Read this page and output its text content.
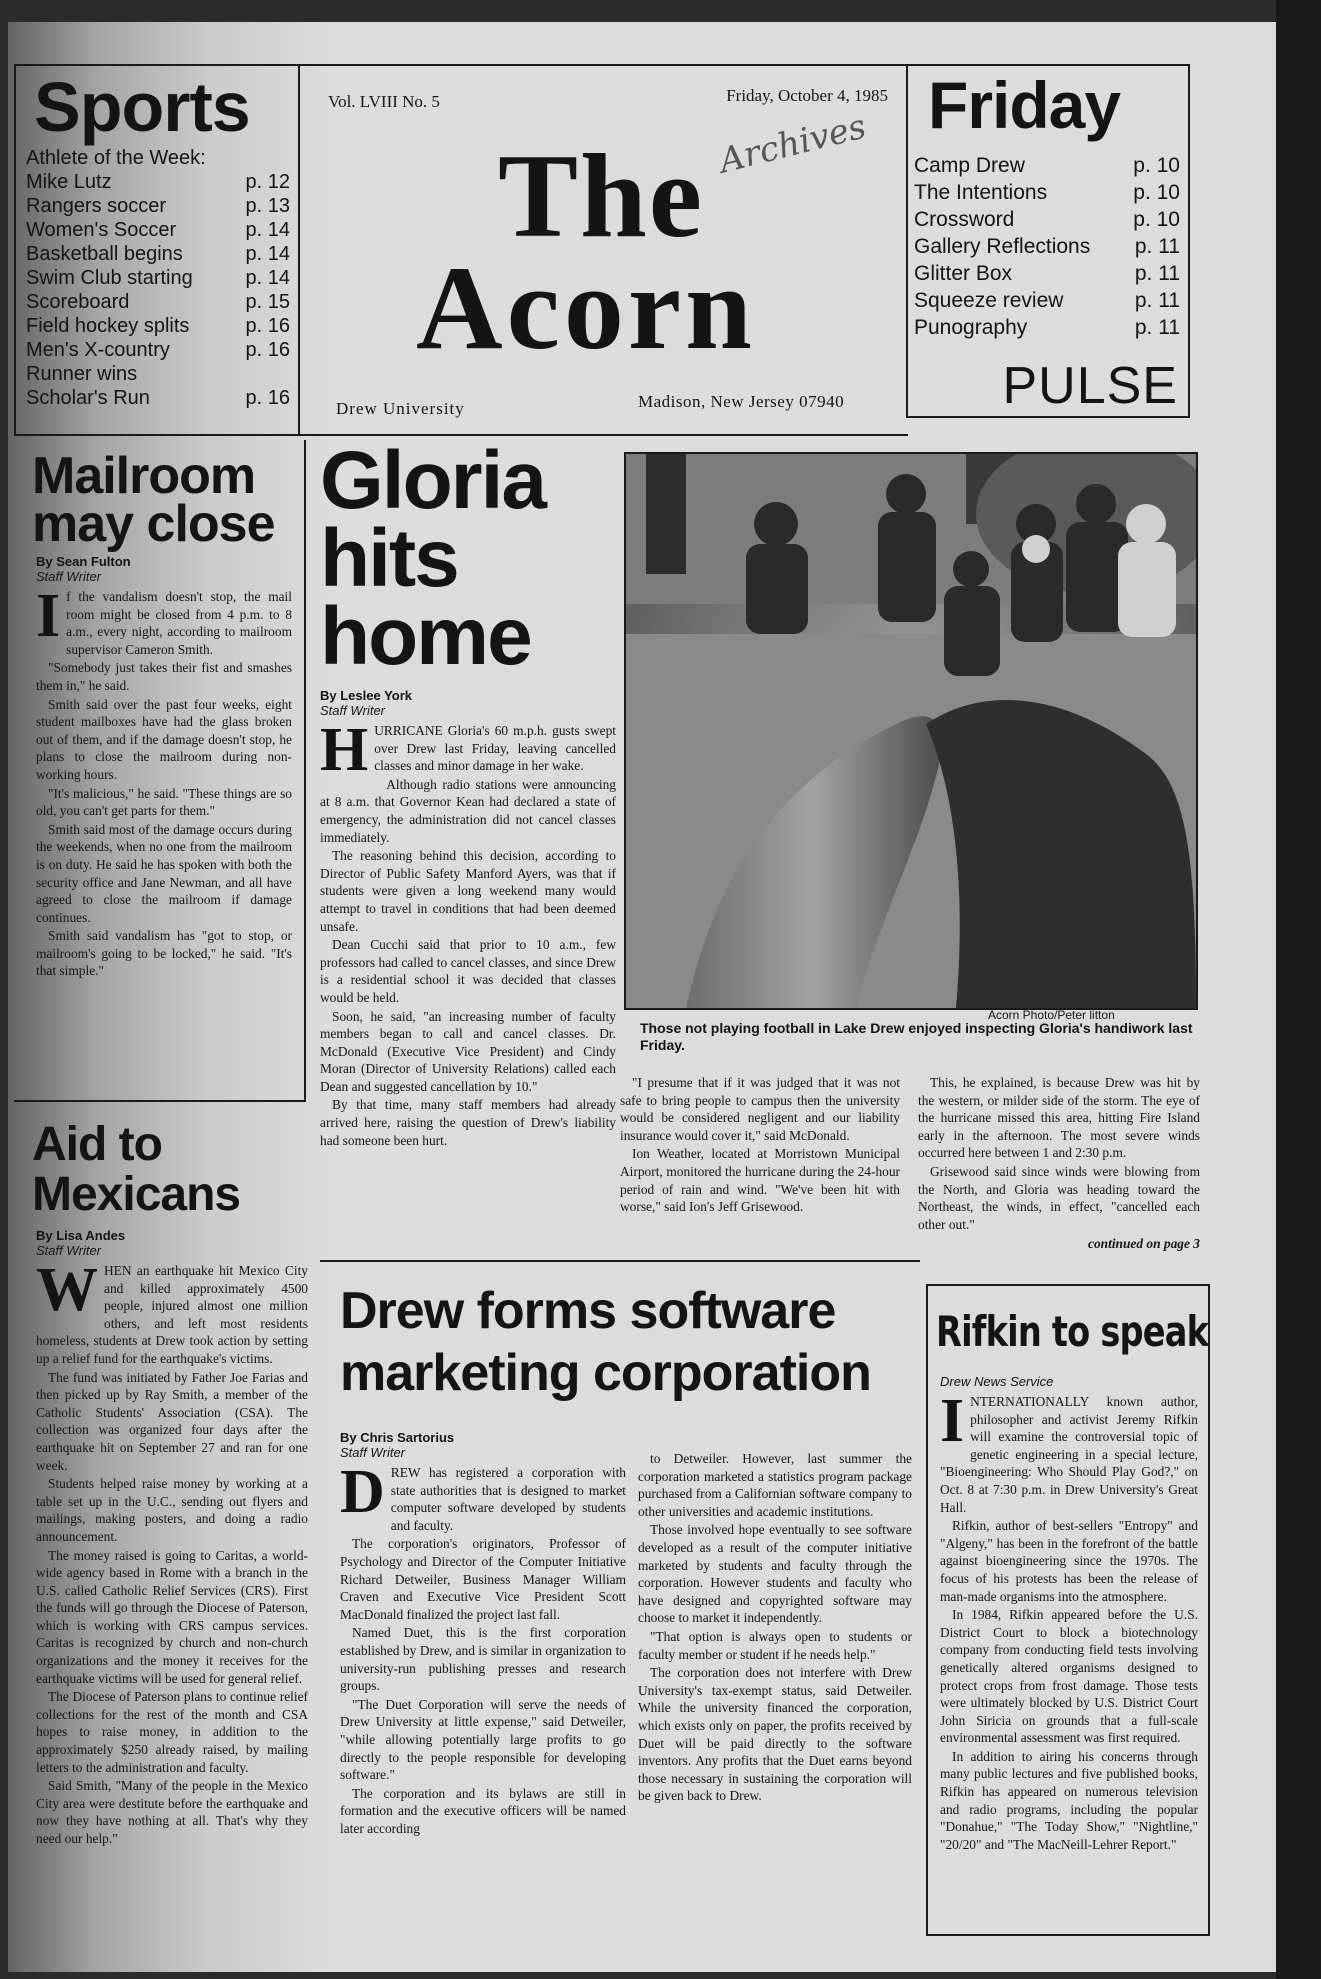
Sports
Athlete of the Week:
Mike Lutz	p. 12
Rangers soccer	p. 13
Women's Soccer	p. 14
Basketball begins	p. 14
Swim Club starting	p. 14
Scoreboard	p. 15
Field hockey splits	p. 16
Men's X-country	p. 16
Runner wins
Scholar's Run	p. 16
Vol. LVIII No. 5	Friday, October 4, 1985
Archives
The
Acorn
Drew University	Madison, New Jersey 07940
Friday
Camp Drew	p. 10
The Intentions	p. 10
Crossword	p. 10
Gallery Reflections p. 11
Glitter Box	p. 11
Squeeze review	p. 11
Punography	p. 11
PULSE
Mailroom may close
By Sean Fulton
Staff Writer
I f the vandalism doesn't stop, the mail room might be closed from 4 p.m. to 8 a.m., every night, according to mailroom supervisor Cameron Smith.

"Somebody just takes their fist and smashes them in," he said.

Smith said over the past four weeks, eight student mailboxes have had the glass broken out of them, and if the damage doesn't stop, he plans to close the mailroom during non-working hours.

"It's malicious," he said. "These things are so old, you can't get parts for them."

Smith said most of the damage occurs during the weekends, when no one from the mailroom is on duty. He said he has spoken with both the security office and Jane Newman, and all have agreed to close the mailroom if damage continues.

Smith said vandalism has "got to stop, or mailroom's going to be locked," he said. "It's that simple."

Aid to Mexicans
By Lisa Andes
Staff Writer
W HEN an earthquake hit Mexico City and killed approximately 4500 people, injured almost one million others, and left most residents homeless, students at Drew took action by setting up a relief fund for the earthquake's victims.

The fund was initiated by Father Joe Farias and then picked up by Ray Smith, a member of the Catholic Students' Association (CSA). The collection was organized four days after the earthquake hit on September 27 and ran for one week.

Students helped raise money by working at a table set up in the U.C., sending out flyers and mailings, making posters, and doing a radio announcement.

The money raised is going to Caritas, a world-wide agency based in Rome with a branch in the U.S. called Catholic Relief Services (CRS). First the funds will go through the Diocese of Paterson, which is working with CRS campus services. Caritas is recognized by church and non-church organizations and the money it receives for the earthquake victims will be used for general relief.

The Diocese of Paterson plans to continue relief collections for the rest of the month and CSA hopes to raise money, in addition to the approximately $250 already raised, by mailing letters to the administration and faculty.

Said Smith, "Many of the people in the Mexico City area were destitute before the earthquake and now they have nothing at all. That's why they need our help."

Gloria
hits
home
By Leslee York
Staff Writer
H URRICANE Gloria's 60 m.p.h. gusts swept over Drew last Friday, leaving cancelled classes and minor damage in her wake.

Although radio stations were announcing at 8 a.m. that Governor Kean had declared a state of emergency, the administration did not cancel classes immediately.

The reasoning behind this decision, according to Director of Public Safety Manford Ayers, was that if students were given a long weekend many would attempt to travel in conditions that had been deemed unsafe.

Dean Cucchi said that prior to 10 a.m., few professors had called to cancel classes, and since Drew is a residential school it was decided that classes would be held.

Soon, he said, "an increasing number of faculty members began to call and cancel classes. Dr. McDonald (Executive Vice President) and Cindy Moran (Director of University Relations) called each Dean and suggested cancellation by 10."

By that time, many staff members had already arrived here, raising the question of Drew's liability had someone been hurt.

Acorn Photo/Peter litton
Those not playing football in Lake Drew enjoyed inspecting Gloria's handiwork last Friday.

"I presume that if it was judged that it was not safe to bring people to campus then the university would be considered negligent and our liability insurance would cover it," said McDonald.

Ion Weather, located at Morristown Municipal Airport, monitored the hurricane during the 24-hour period of rain and wind. "We've been hit with worse," said Ion's Jeff Grisewood.

This, he explained, is because Drew was hit by the western, or milder side of the storm. The eye of the hurricane missed this area, hitting Fire Island early in the afternoon. The most severe winds occurred here between 1 and 2:30 p.m.

Grisewood said since winds were blowing from the North, and Gloria was heading toward the Northeast, the winds, in effect, "cancelled each other out."

continued on page 3
Drew forms software
marketing corporation
By Chris Sartorius
Staff Writer
D REW has registered a corporation with state authorities that is designed to market computer software developed by students and faculty.

The corporation's originators, Professor of Psychology and Director of the Computer Initiative Richard Detweiler, Business Manager William Craven and Executive Vice President Scott MacDonald finalized the project last fall.

Named Duet, this is the first corporation established by Drew, and is similar in organization to university-run publishing presses and research groups.

"The Duet Corporation will serve the needs of Drew University at little expense," said Detweiler, "while allowing potentially large profits to go directly to the people responsible for developing software."

The corporation and its bylaws are still in formation and the executive officers will be named later according

to Detweiler. However, last summer the corporation marketed a statistics program package purchased from a Californian software company to other universities and academic institutions.

Those involved hope eventually to see software developed as a result of the computer initiative marketed by students and faculty through the corporation. However students and faculty who have designed and copyrighted software may choose to market it independently.

"That option is always open to students or faculty member or student if he needs help."

The corporation does not interfere with Drew University's tax-exempt status, said Detweiler. While the university financed the corporation, which exists only on paper, the profits received by Duet will be paid directly to the software inventors. Any profits that the Duet earns beyond those necessary in sustaining the corporation will be given back to Drew.

Rifkin to speak
Drew News Service
I NTERNATIONALLY known author, philosopher and activist Jeremy Rifkin will examine the controversial topic of genetic engineering in a special lecture, "Bioengineering: Who Should Play God?," on Oct. 8 at 7:30 p.m. in Drew University's Great Hall.

Rifkin, author of best-sellers "Entropy" and "Algeny," has been in the forefront of the battle against bioengineering since the 1970s. The focus of his protests has been the release of man-made organisms into the atmosphere.

In 1984, Rifkin appeared before the U.S. District Court to block a biotechnology company from conducting field tests involving genetically altered organisms designed to protect crops from frost damage. Those tests were ultimately blocked by U.S. District Court John Siricia on grounds that a full-scale environmental assessment was first required.

In addition to airing his concerns through many public lectures and five published books, Rifkin has appeared on numerous television and radio programs, including the popular "Donahue," "The Today Show," "Nightline," "20/20" and "The MacNeill-Lehrer Report."
